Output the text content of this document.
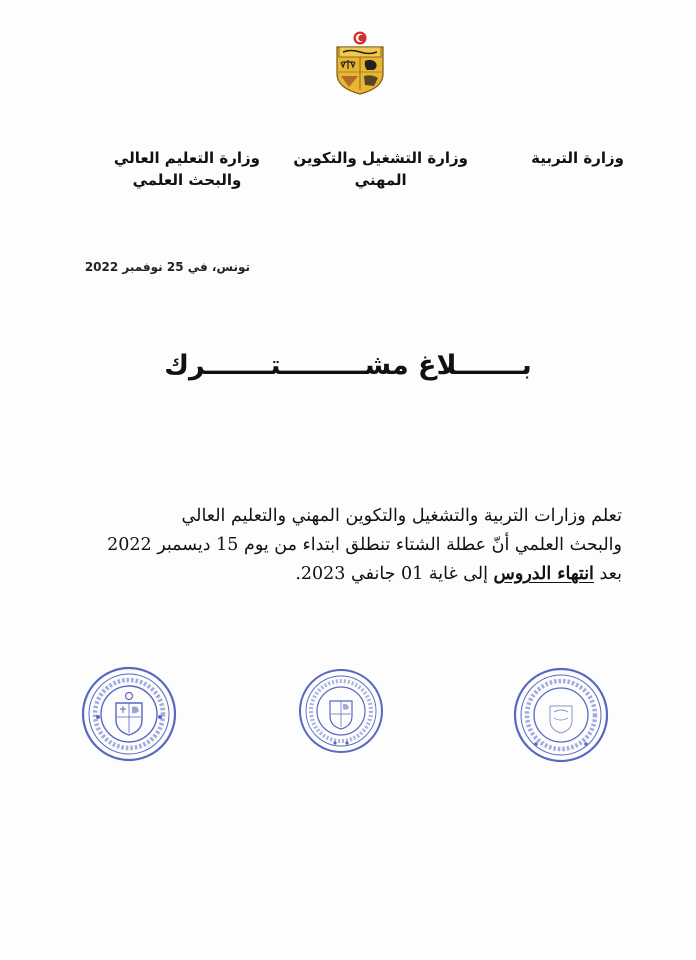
وزارة التربية
وزارة التشغيل والتكوين
المهني
وزارة التعليم العالي
والبحث العلمي
تونس، في 25 نوفمبر 2022
بـــــــلاغ مشـــــــــتـــــــرك
تعلم وزارات التربية والتشغيل والتكوين المهني والتعليم العالي
والبحث العلمي أنّ عطلة الشتاء تنطلق ابتداء من يوم 15 ديسمبر 2022
بعد انتهاء الدروس إلى غاية 01 جانفي 2023.
